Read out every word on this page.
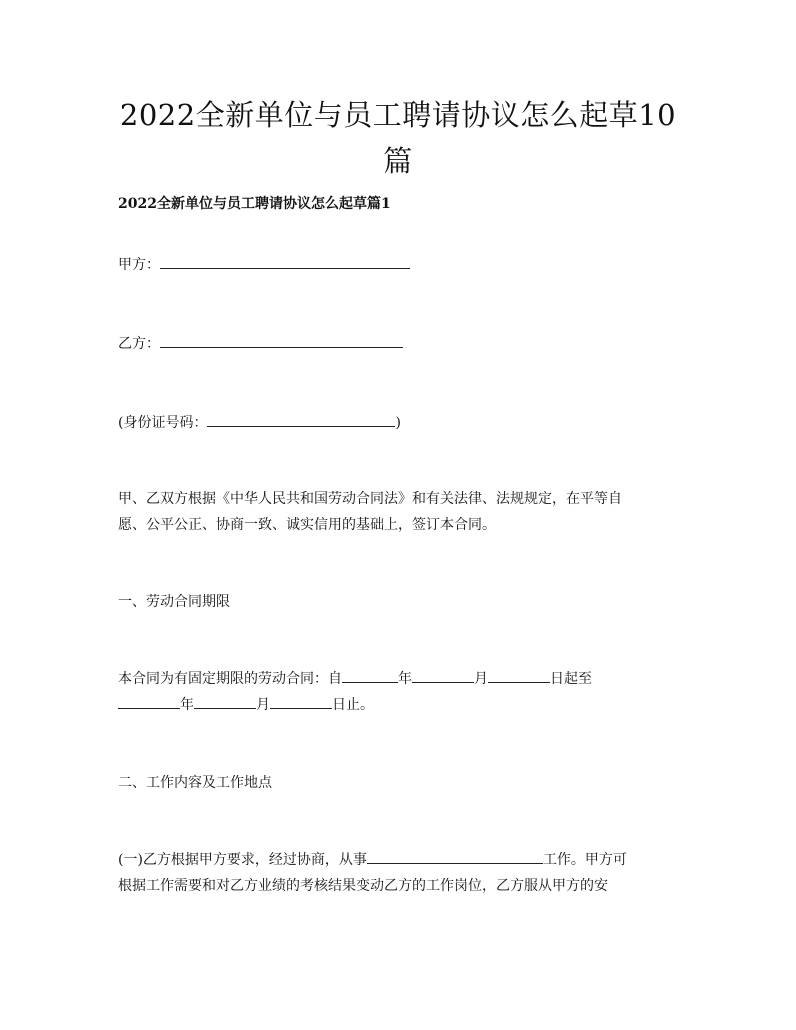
2022全新单位与员工聘请协议怎么起草10
篇

2022全新单位与员工聘请协议怎么起草篇1

甲方：

乙方：

(身份证号码：	)

甲、乙双方根据《中华人民共和国劳动合同法》和有关法律、法规规定，在平等自
愿、公平公正、协商一致、诚实信用的基础上，签订本合同。

一、劳动合同期限

本合同为有固定期限的劳动合同：自	年	月	日起至

年	月	日止。

二、工作内容及工作地点

(一)乙方根据甲方要求，经过协商，从事	工作。甲方可

根据工作需要和对乙方业绩的考核结果变动乙方的工作岗位，乙方服从甲方的安
